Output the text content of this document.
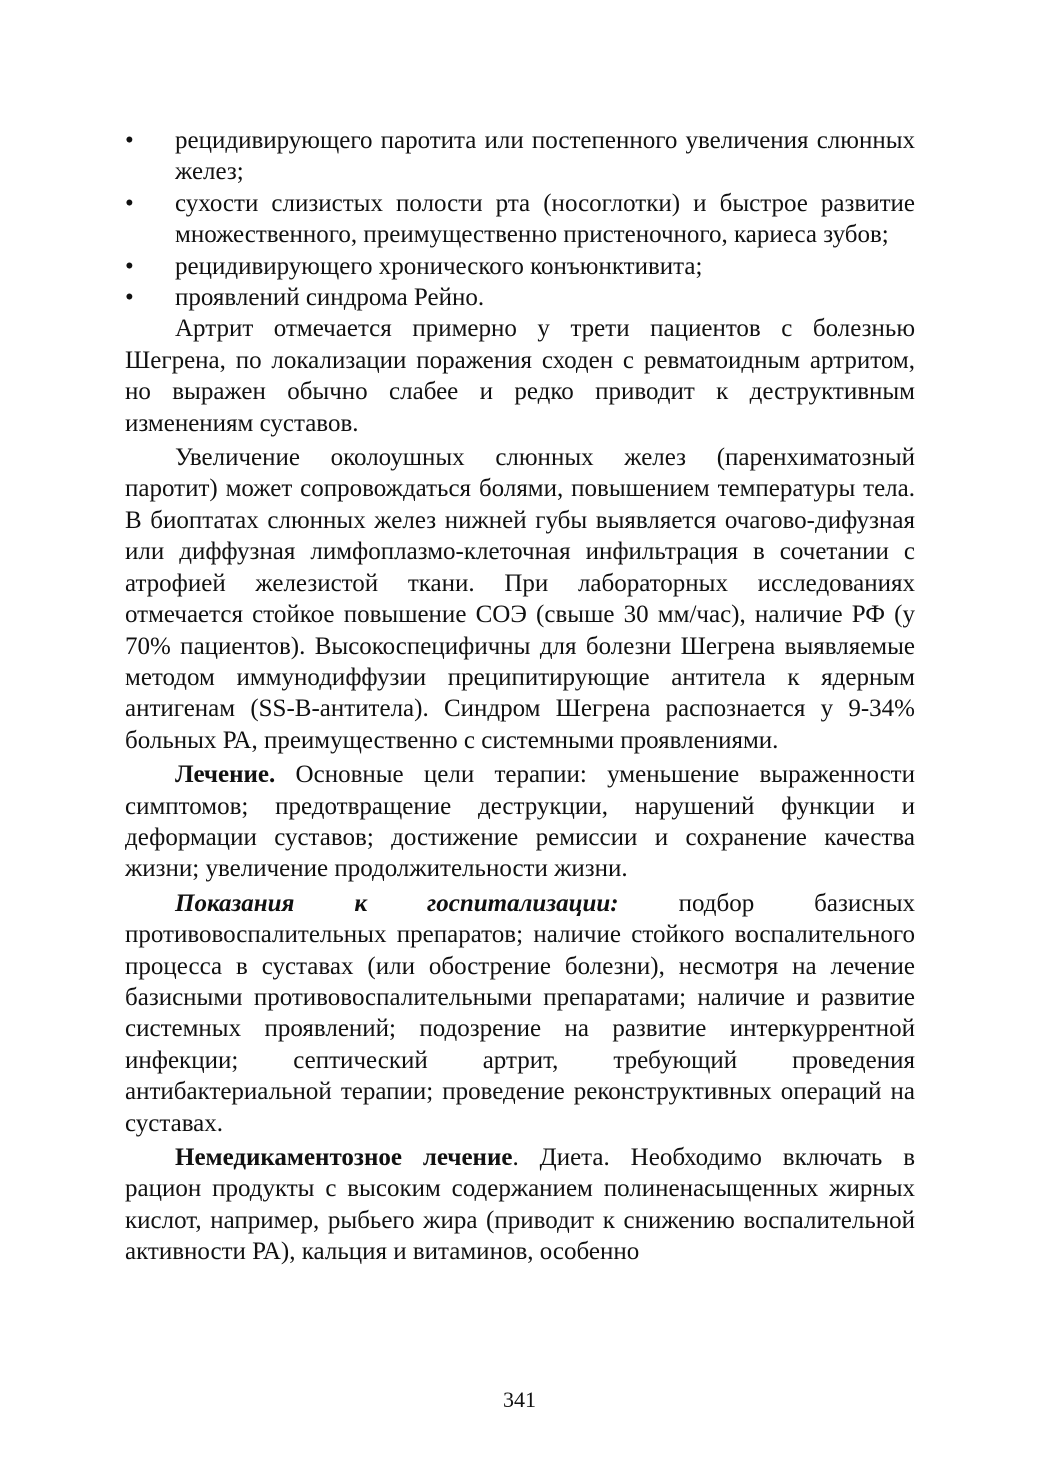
• рецидивирующего паротита или постепенного увеличения слюнных желез;
• сухости слизистых полости рта (носоглотки) и быстрое развитие множественного, преимущественно пристеночного, кариеса зубов;
• рецидивирующего хронического конъюнктивита;
• проявлений синдрома Рейно.

Артрит отмечается примерно у трети пациентов с болезнью Шегрена, по локализации поражения сходен с ревматоидным артритом, но выражен обычно слабее и редко приводит к деструктивным изменениям суставов.

Увеличение околоушных слюнных желез (паренхиматозный паротит) может сопровождаться болями, повышением температуры тела. В биоптатах слюнных желез нижней губы выявляется очагово-дифузная или диффузная лимфоплазмо-клеточная инфильтрация в сочетании с атрофией железистой ткани. При лабораторных исследованиях отмечается стойкое повышение СОЭ (свыше 30 мм/час), наличие РФ (у 70% пациентов). Высокоспецифичны для болезни Шегрена выявляемые методом иммунодиффузии преципитирующие антитела к ядерным антигенам (SS-B-антитела). Синдром Шегрена распознается у 9-34% больных РА, преимущественно с системными проявлениями.

Лечение. Основные цели терапии: уменьшение выраженности симптомов; предотвращение деструкции, нарушений функции и деформации суставов; достижение ремиссии и сохранение качества жизни; увеличение продолжительности жизни.

Показания к госпитализации: подбор базисных противовоспалительных препаратов; наличие стойкого воспалительного процесса в суставах (или обострение болезни), несмотря на лечение базисными противовоспалительными препаратами; наличие и развитие системных проявлений; подозрение на развитие интеркуррентной инфекции; септический артрит, требующий проведения антибактериальной терапии; проведение реконструктивных операций на суставах.

Немедикаментозное лечение. Диета. Необходимо включать в рацион продукты с высоким содержанием полиненасыщенных жирных кислот, например, рыбьего жира (приводит к снижению воспалительной активности РА), кальция и витаминов, особенно

341
